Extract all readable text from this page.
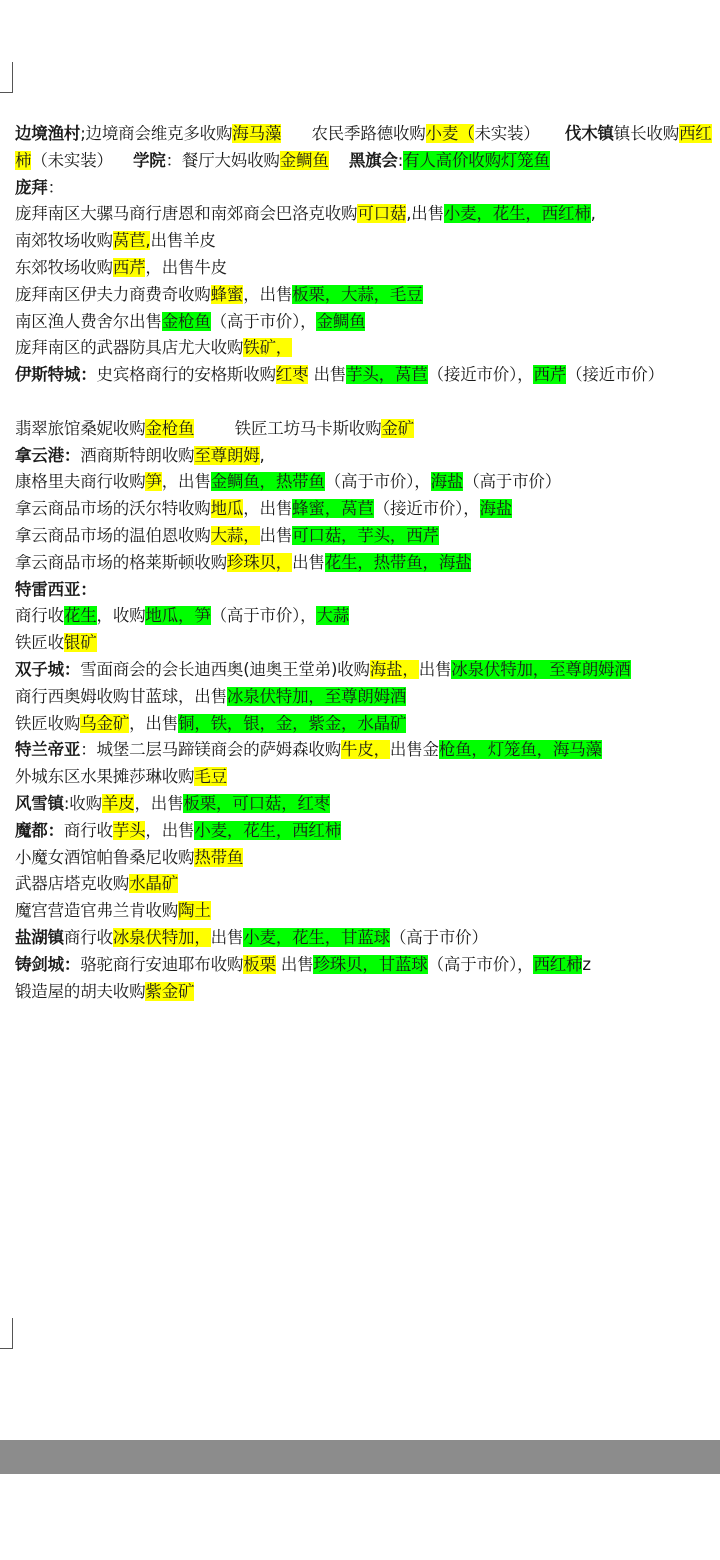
边境渔村;边境商会维克多收购海马藻      农民季路德收购小麦（未实装）     伐木镇镇长收购西红柿（未实装）    学院：餐厅大妈收购金鲷鱼 黑旗会:有人高价收购灯笼鱼
庞拜：
庞拜南区大骡马商行唐恩和南郊商会巴洛克收购可口菇,出售小麦，花生，西红柿,
南郊牧场收购莴苣,出售羊皮
东郊牧场收购西芹，出售牛皮
庞拜南区伊夫力商费奇收购蜂蜜，出售板栗，大蒜，毛豆
南区渔人费舍尔出售金枪鱼（高于市价），金鲷鱼
庞拜南区的武器防具店尤大收购铁矿，
伊斯特城：史宾格商行的安格斯收购红枣 出售芋头，莴苣（接近市价），西芹（接近市价）
翡翠旅馆桑妮收购金枪鱼        铁匠工坊马卡斯收购金矿
拿云港：酒商斯特朗收购至尊朗姆,
康格里夫商行收购笋，出售金鲷鱼，热带鱼（高于市价），海盐（高于市价）
拿云商品市场的沃尔特收购地瓜，出售蜂蜜，莴苣（接近市价），海盐
拿云商品市场的温伯恩收购大蒜，出售可口菇，芋头，西芹
拿云商品市场的格莱斯顿收购珍珠贝，出售花生，热带鱼，海盐
特雷西亚：
商行收花生，收购地瓜，笋（高于市价），大蒜
铁匠收银矿
双子城：雪面商会的会长迪西奥(迪奥王堂弟)收购海盐，出售冰泉伏特加，至尊朗姆酒
商行西奥姆收购甘蓝球，出售冰泉伏特加，至尊朗姆酒
铁匠收购乌金矿，出售铜，铁，银，金，紫金，水晶矿
特兰帝亚：城堡二层马蹄镁商会的萨姆森收购牛皮，出售金枪鱼，灯笼鱼，海马藻
外城东区水果摊莎琳收购毛豆
风雪镇:收购羊皮，出售板栗，可口菇，红枣
魔都：商行收芋头，出售小麦，花生，西红柿
小魔女酒馆帕鲁桑尼收购热带鱼
武器店塔克收购水晶矿
魔宫营造官弗兰肯收购陶土
盐湖镇商行收冰泉伏特加，出售小麦，花生，甘蓝球（高于市价）
铸剑城：骆驼商行安迪耶布收购板栗 出售珍珠贝，甘蓝球（高于市价），西红柿z
锻造屋的胡夫收购紫金矿
